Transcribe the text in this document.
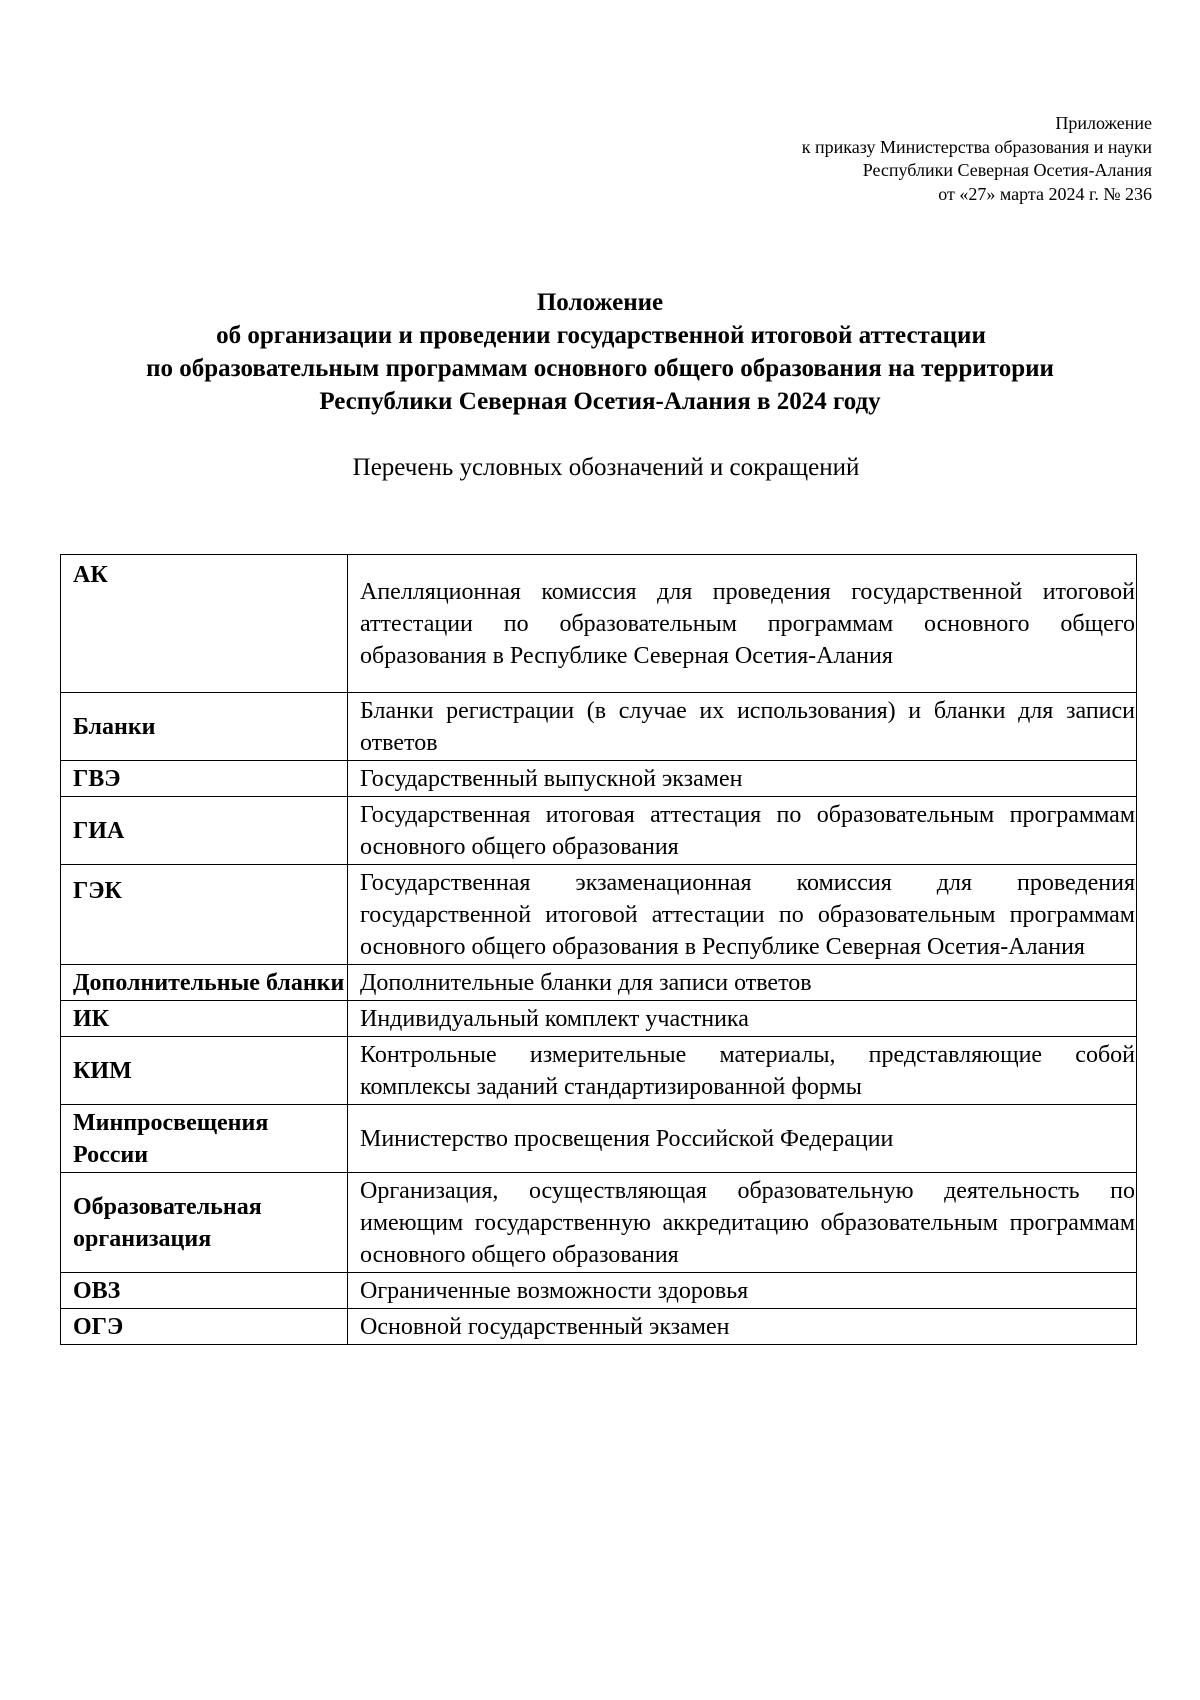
Приложение
к приказу Министерства образования и науки
Республики Северная Осетия-Алания
от «27» марта 2024 г. № 236
Положение
об организации и проведении государственной итоговой аттестации
по образовательным программам основного общего образования на территории
Республики Северная Осетия-Алания в 2024 году
Перечень условных обозначений и сокращений
АК	Апелляционная комиссия для проведения государственной итоговой аттестации по образовательным программам основного общего образования в Республике Северная Осетия-Алания
Бланки	Бланки регистрации (в случае их использования) и бланки для записи ответов
ГВЭ	Государственный выпускной экзамен
ГИА	Государственная итоговая аттестация по образовательным программам основного общего образования
ГЭК	Государственная экзаменационная комиссия для проведения государственной итоговой аттестации по образовательным программам основного общего образования в Республике Северная Осетия-Алания
Дополнительные бланки	Дополнительные бланки для записи ответов
ИК	Индивидуальный комплект участника
КИМ	Контрольные измерительные материалы, представляющие собой комплексы заданий стандартизированной формы
Минпросвещения России	Министерство просвещения Российской Федерации
Образовательная организация	Организация, осуществляющая образовательную деятельность по имеющим государственную аккредитацию образовательным программам основного общего образования
ОВЗ	Ограниченные возможности здоровья
ОГЭ	Основной государственный экзамен
